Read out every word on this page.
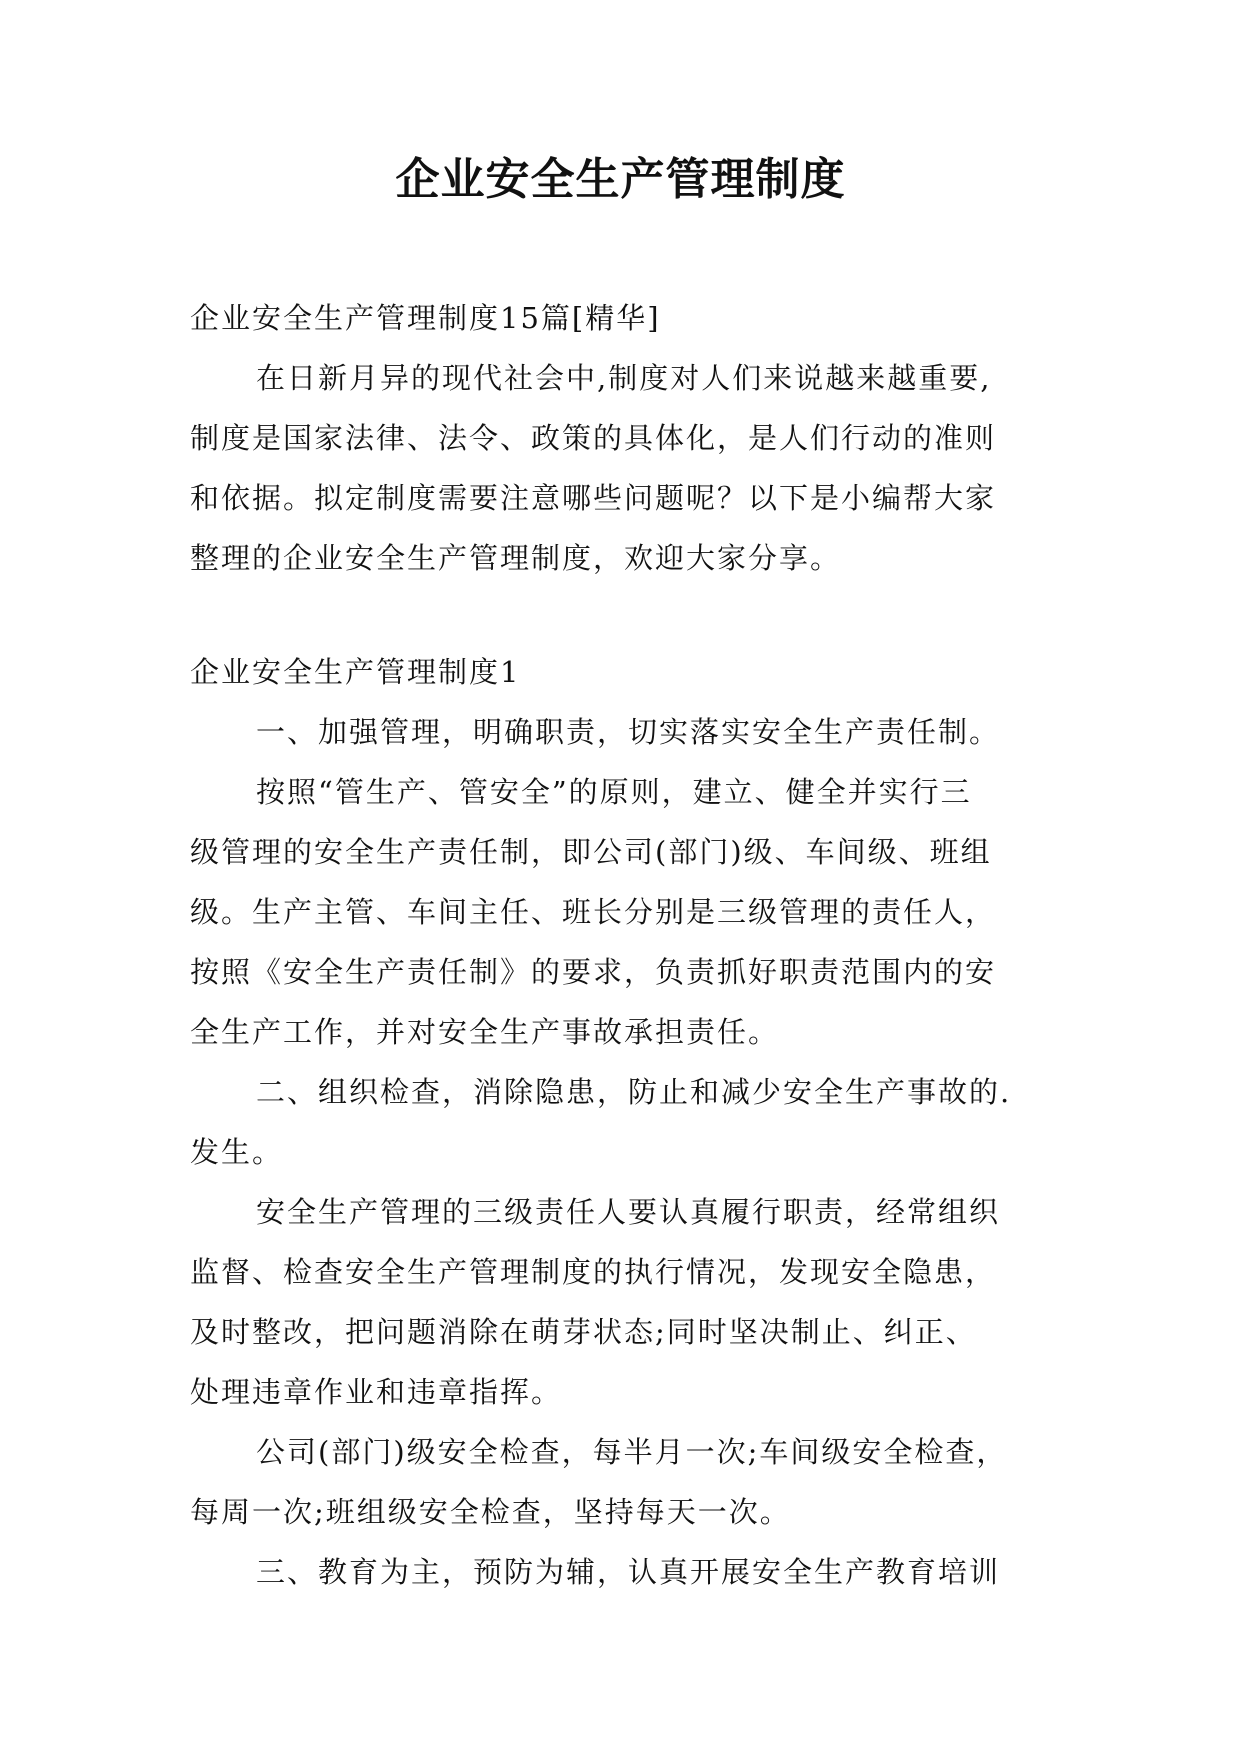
企业安全生产管理制度

企业安全生产管理制度15篇[精华]

在日新月异的现代社会中,制度对人们来说越来越重要,

制度是国家法律、法令、政策的具体化，是人们行动的准则

和依据。拟定制度需要注意哪些问题呢？以下是小编帮大家

整理的企业安全生产管理制度，欢迎大家分享。

企业安全生产管理制度1

一、加强管理，明确职责，切实落实安全生产责任制。

按照“管生产、管安全”的原则，建立、健全并实行三

级管理的安全生产责任制，即公司(部门)级、车间级、班组

级。生产主管、车间主任、班长分别是三级管理的责任人，

按照《安全生产责任制》的要求，负责抓好职责范围内的安

全生产工作，并对安全生产事故承担责任。

二、组织检查，消除隐患，防止和减少安全生产事故的.

发生。

安全生产管理的三级责任人要认真履行职责，经常组织

监督、检查安全生产管理制度的执行情况，发现安全隐患，

及时整改，把问题消除在萌芽状态;同时坚决制止、纠正、

处理违章作业和违章指挥。

公司(部门)级安全检查，每半月一次;车间级安全检查，

每周一次;班组级安全检查，坚持每天一次。

三、教育为主，预防为辅，认真开展安全生产教育培训
